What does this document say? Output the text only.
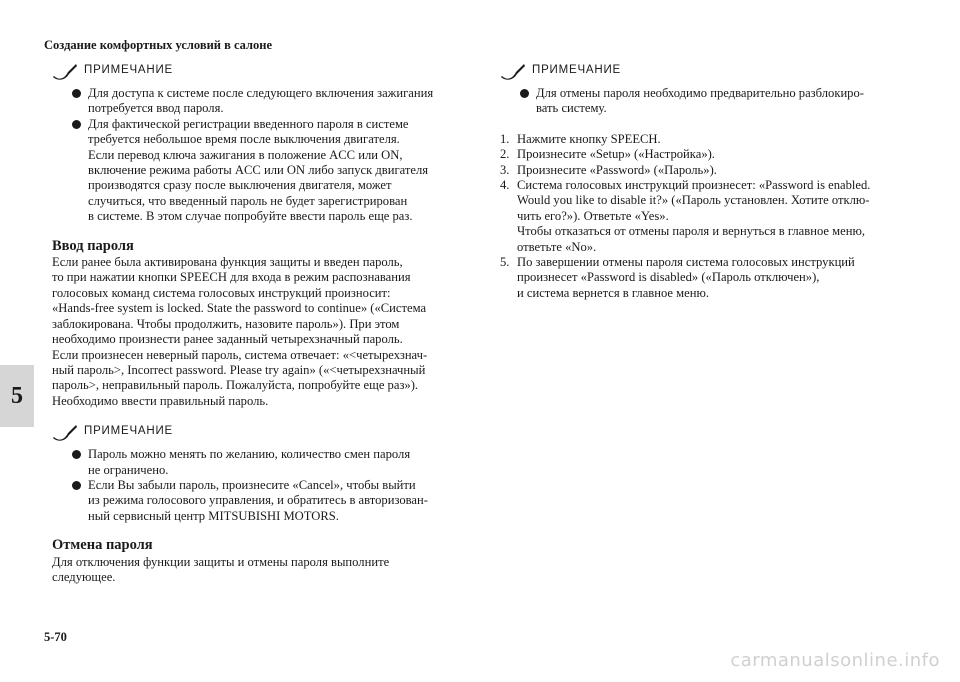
Создание комфортных условий в салоне
5
5-70
carmanualsonline.info
ПРИМЕЧАНИЕ
Для доступа к системе после следующего включения зажигания
потребуется ввод пароля.
Для фактической регистрации введенного пароля в системе
требуется небольшое время после выключения двигателя.
Если перевод ключа зажигания в положение ACC или ON,
включение режима работы ACC или ON либо запуск двигателя
производятся сразу после выключения двигателя, может
случиться, что введенный пароль не будет зарегистрирован
в системе. В этом случае попробуйте ввести пароль еще раз.
Ввод пароля
Если ранее была активирована функция защиты и введен пароль,
то при нажатии кнопки SPEECH для входа в режим распознавания
голосовых команд система голосовых инструкций произносит:
«Hands-free system is locked. State the password to continue» («Система
заблокирована. Чтобы продолжить, назовите пароль»). При этом
необходимо произнести ранее заданный четырехзначный пароль.
Если произнесен неверный пароль, система отвечает: «<четырехзнач-
ный пароль>, Incorrect password. Please try again» («<четырехзначный
пароль>, неправильный пароль. Пожалуйста, попробуйте еще раз»).
Необходимо ввести правильный пароль.
ПРИМЕЧАНИЕ
Пароль можно менять по желанию, количество смен пароля
не ограничено.
Если Вы забыли пароль, произнесите «Cancel», чтобы выйти
из режима голосового управления, и обратитесь в авторизован-
ный сервисный центр MITSUBISHI MOTORS.
Отмена пароля
Для отключения функции защиты и отмены пароля выполните
следующее.
ПРИМЕЧАНИЕ
Для отмены пароля необходимо предварительно разблокиро-
вать систему.
1. Нажмите кнопку SPEECH.
2. Произнесите «Setup» («Настройка»).
3. Произнесите «Password» («Пароль»).
4. Система голосовых инструкций произнесет: «Password is enabled.
Would you like to disable it?» («Пароль установлен. Хотите отклю-
чить его?»). Ответьте «Yes».
Чтобы отказаться от отмены пароля и вернуться в главное меню,
ответьте «No».
5. По завершении отмены пароля система голосовых инструкций
произнесет «Password is disabled» («Пароль отключен»),
и система вернется в главное меню.
